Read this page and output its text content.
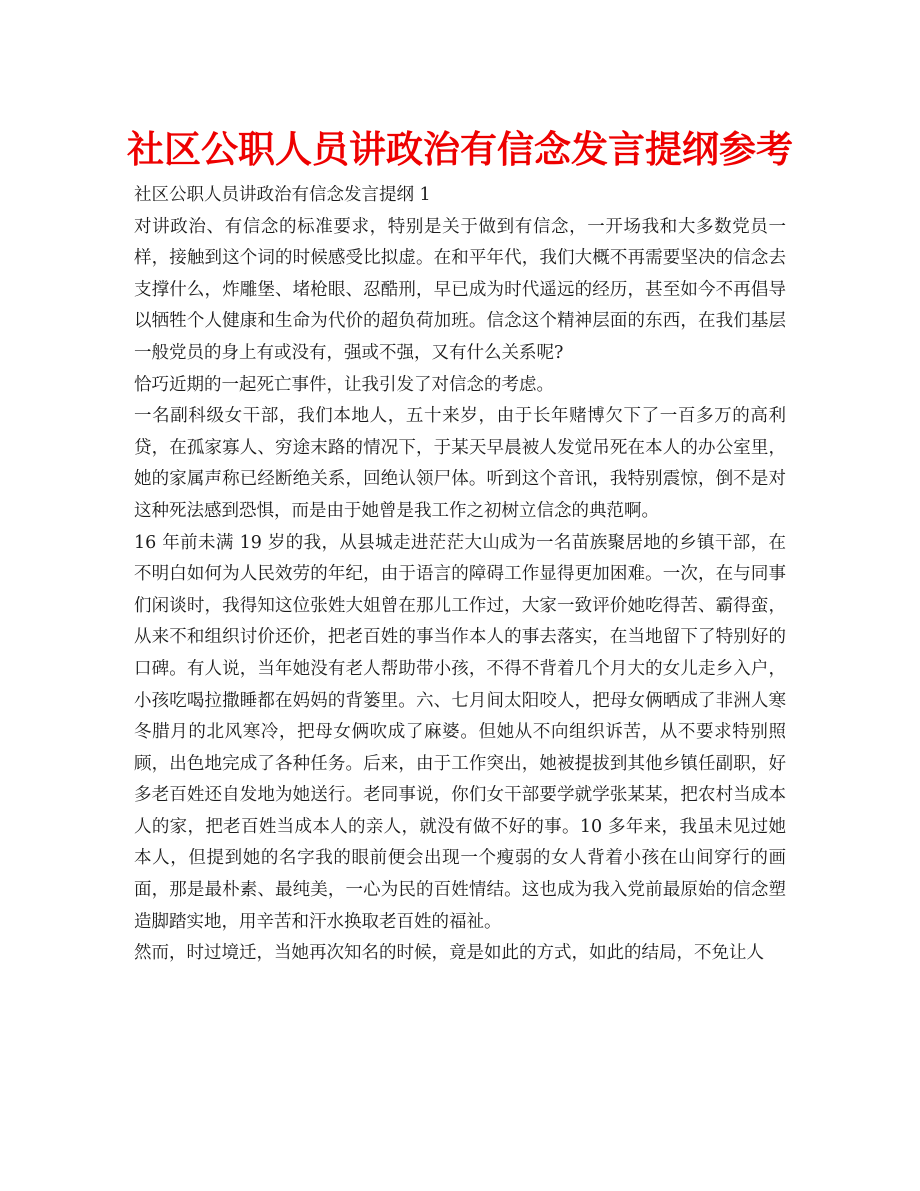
社区公职人员讲政治有信念发言提纲参考

社区公职人员讲政治有信念发言提纲 1

对讲政治、有信念的标准要求，特别是关于做到有信念，一开场我和大多数党员一样，接触到这个词的时候感受比拟虚。在和平年代，我们大概不再需要坚决的信念去支撑什么，炸雕堡、堵枪眼、忍酷刑，早已成为时代遥远的经历，甚至如今不再倡导以牺牲个人健康和生命为代价的超负荷加班。信念这个精神层面的东西，在我们基层一般党员的身上有或没有，强或不强，又有什么关系呢?

恰巧近期的一起死亡事件，让我引发了对信念的考虑。

一名副科级女干部，我们本地人，五十来岁，由于长年赌博欠下了一百多万的高利贷，在孤家寡人、穷途末路的情况下，于某天早晨被人发觉吊死在本人的办公室里，她的家属声称已经断绝关系，回绝认领尸体。听到这个音讯，我特别震惊，倒不是对这种死法感到恐惧，而是由于她曾是我工作之初树立信念的典范啊。

16 年前未满 19 岁的我，从县城走进茫茫大山成为一名苗族聚居地的乡镇干部，在不明白如何为人民效劳的年纪，由于语言的障碍工作显得更加困难。一次，在与同事们闲谈时，我得知这位张姓大姐曾在那儿工作过，大家一致评价她吃得苦、霸得蛮，从来不和组织讨价还价，把老百姓的事当作本人的事去落实，在当地留下了特别好的口碑。有人说，当年她没有老人帮助带小孩，不得不背着几个月大的女儿走乡入户，小孩吃喝拉撒睡都在妈妈的背篓里。六、七月间太阳咬人，把母女俩晒成了非洲人寒冬腊月的北风寒冷，把母女俩吹成了麻婆。但她从不向组织诉苦，从不要求特别照顾，出色地完成了各种任务。后来，由于工作突出，她被提拔到其他乡镇任副职，好多老百姓还自发地为她送行。老同事说，你们女干部要学就学张某某，把农村当成本人的家，把老百姓当成本人的亲人，就没有做不好的事。10 多年来，我虽未见过她本人，但提到她的名字我的眼前便会出现一个瘦弱的女人背着小孩在山间穿行的画面，那是最朴素、最纯美，一心为民的百姓情结。这也成为我入党前最原始的信念塑造脚踏实地，用辛苦和汗水换取老百姓的福祉。

然而，时过境迁，当她再次知名的时候，竟是如此的方式，如此的结局，不免让人
